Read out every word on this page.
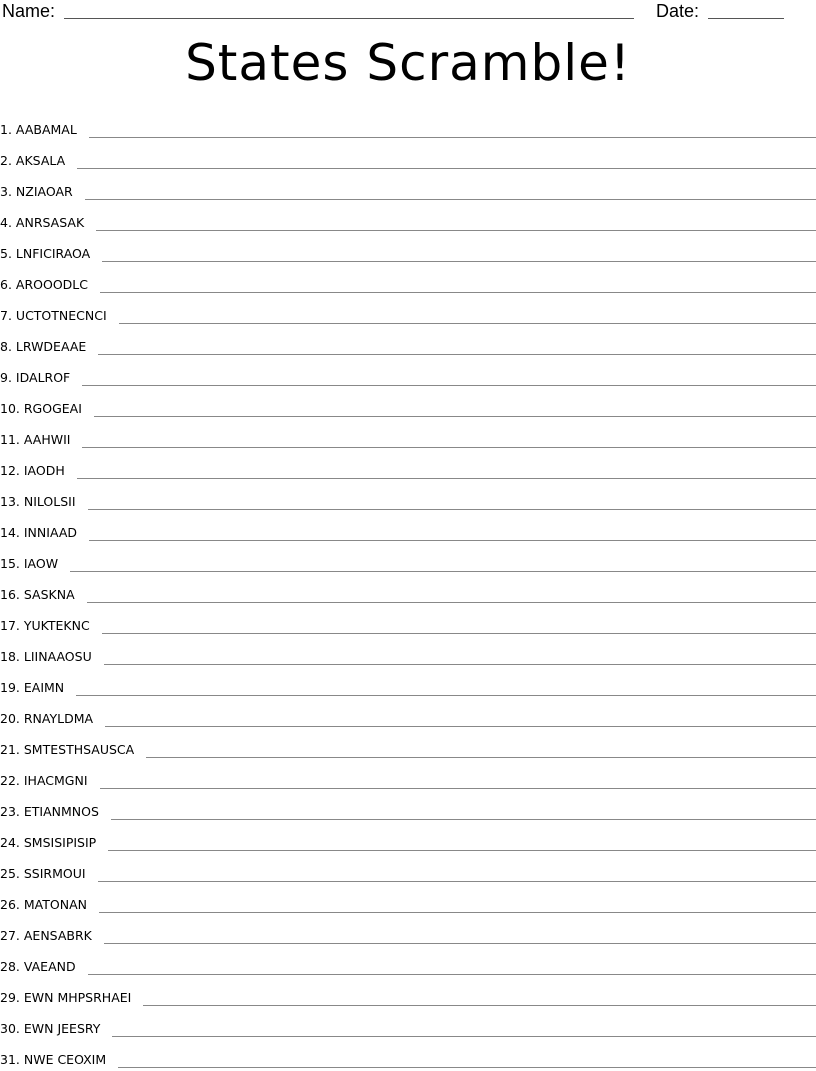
Name:	Date:
States Scramble!
1. AABAMAL
2. AKSALA
3. NZIAOAR
4. ANRSASAK
5. LNFICIRAOA
6. AROOODLC
7. UCTOTNECNCI
8. LRWDEAAE
9. IDALROF
10. RGOGEAI
11. AAHWII
12. IAODH
13. NILOLSII
14. INNIAAD
15. IAOW
16. SASKNA
17. YUKTEKNC
18. LIINAAOSU
19. EAIMN
20. RNAYLDMA
21. SMTESTHSAUSCA
22. IHACMGNI
23. ETIANMNOS
24. SMSISIPISIP
25. SSIRMOUI
26. MATONAN
27. AENSABRK
28. VAEAND
29. EWN MHPSRHAEI
30. EWN JEESRY
31. NWE CEOXIM
